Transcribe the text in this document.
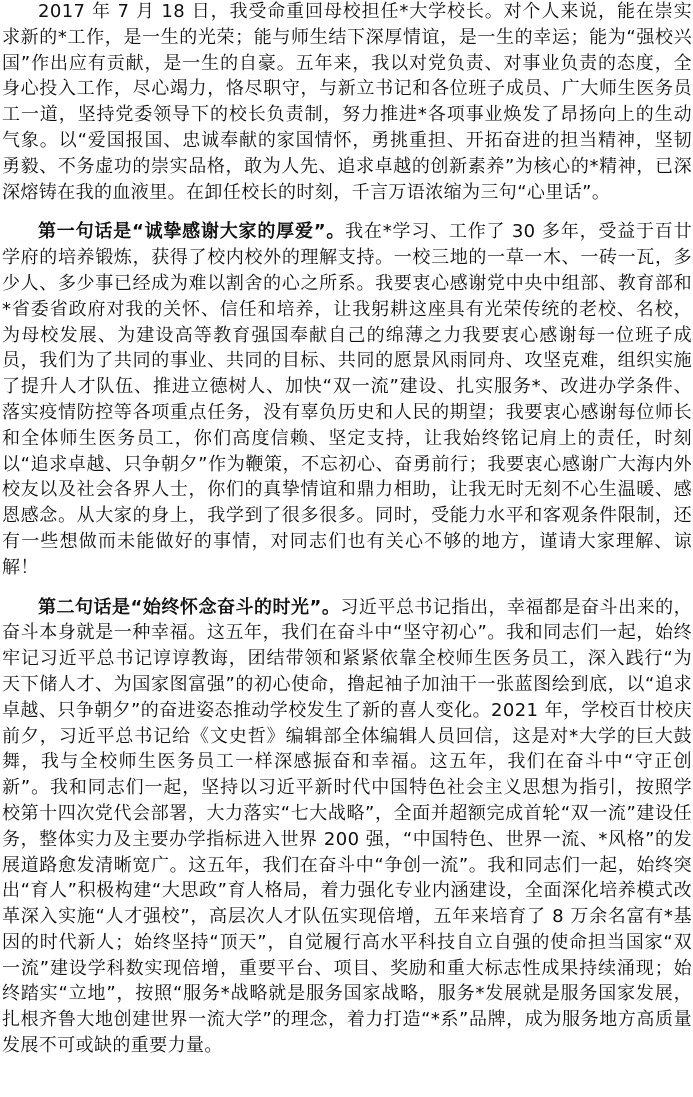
2017 年 7 月 18 日，我受命重回母校担任*大学校长。对个人来说，能在崇实求新的*工作，是一生的光荣；能与师生结下深厚情谊，是一生的幸运；能为“强校兴国”作出应有贡献，是一生的自豪。五年来，我以对党负责、对事业负责的态度，全身心投入工作，尽心竭力，恪尽职守，与新立书记和各位班子成员、广大师生医务员工一道，坚持党委领导下的校长负责制，努力推进*各项事业焕发了昂扬向上的生动气象。以“爱国报国、忠诚奉献的家国情怀，勇挑重担、开拓奋进的担当精神，坚韧勇毅、不务虚功的崇实品格，敢为人先、追求卓越的创新素养”为核心的*精神，已深深熔铸在我的血液里。在卸任校长的时刻，千言万语浓缩为三句“心里话”。

第一句话是“诚挚感谢大家的厚爱”。我在*学习、工作了 30 多年，受益于百廿学府的培养锻炼，获得了校内校外的理解支持。一校三地的一草一木、一砖一瓦，多少人、多少事已经成为难以割舍的心之所系。我要衷心感谢党中央中组部、教育部和*省委省政府对我的关怀、信任和培养，让我躬耕这座具有光荣传统的老校、名校，为母校发展、为建设高等教育强国奉献自己的绵薄之力我要衷心感谢每一位班子成员，我们为了共同的事业、共同的目标、共同的愿景风雨同舟、攻坚克难，组织实施了提升人才队伍、推进立德树人、加快“双一流”建设、扎实服务*、改进办学条件、落实疫情防控等各项重点任务，没有辜负历史和人民的期望；我要衷心感谢每位师长和全体师生医务员工，你们高度信赖、坚定支持，让我始终铭记肩上的责任，时刻以“追求卓越、只争朝夕”作为鞭策，不忘初心、奋勇前行；我要衷心感谢广大海内外校友以及社会各界人士，你们的真挚情谊和鼎力相助，让我无时无刻不心生温暖、感恩感念。从大家的身上，我学到了很多很多。同时，受能力水平和客观条件限制，还有一些想做而未能做好的事情，对同志们也有关心不够的地方，谨请大家理解、谅解！

第二句话是“始终怀念奋斗的时光”。习近平总书记指出，幸福都是奋斗出来的，奋斗本身就是一种幸福。这五年，我们在奋斗中“坚守初心”。我和同志们一起，始终牢记习近平总书记谆谆教诲，团结带领和紧紧依靠全校师生医务员工，深入践行“为天下储人才、为国家图富强”的初心使命，撸起袖子加油干一张蓝图绘到底，以“追求卓越、只争朝夕”的奋进姿态推动学校发生了新的喜人变化。2021 年，学校百廿校庆前夕，习近平总书记给《文史哲》编辑部全体编辑人员回信，这是对*大学的巨大鼓舞，我与全校师生医务员工一样深感振奋和幸福。这五年，我们在奋斗中“守正创新”。我和同志们一起，坚持以习近平新时代中国特色社会主义思想为指引，按照学校第十四次党代会部署，大力落实“七大战略”，全面并超额完成首轮“双一流”建设任务，整体实力及主要办学指标进入世界 200 强，“中国特色、世界一流、*风格”的发展道路愈发清晰宽广。这五年，我们在奋斗中“争创一流”。我和同志们一起，始终突出“育人”积极构建“大思政”育人格局，着力强化专业内涵建设，全面深化培养模式改革深入实施“人才强校”，高层次人才队伍实现倍增，五年来培育了 8 万余名富有*基因的时代新人；始终坚持“顶天”，自觉履行高水平科技自立自强的使命担当国家“双一流”建设学科数实现倍增，重要平台、项目、奖励和重大标志性成果持续涌现；始终踏实“立地”，按照“服务*战略就是服务国家战略，服务*发展就是服务国家发展，扎根齐鲁大地创建世界一流大学”的理念，着力打造“*系”品牌，成为服务地方高质量发展不可或缺的重要力量。
